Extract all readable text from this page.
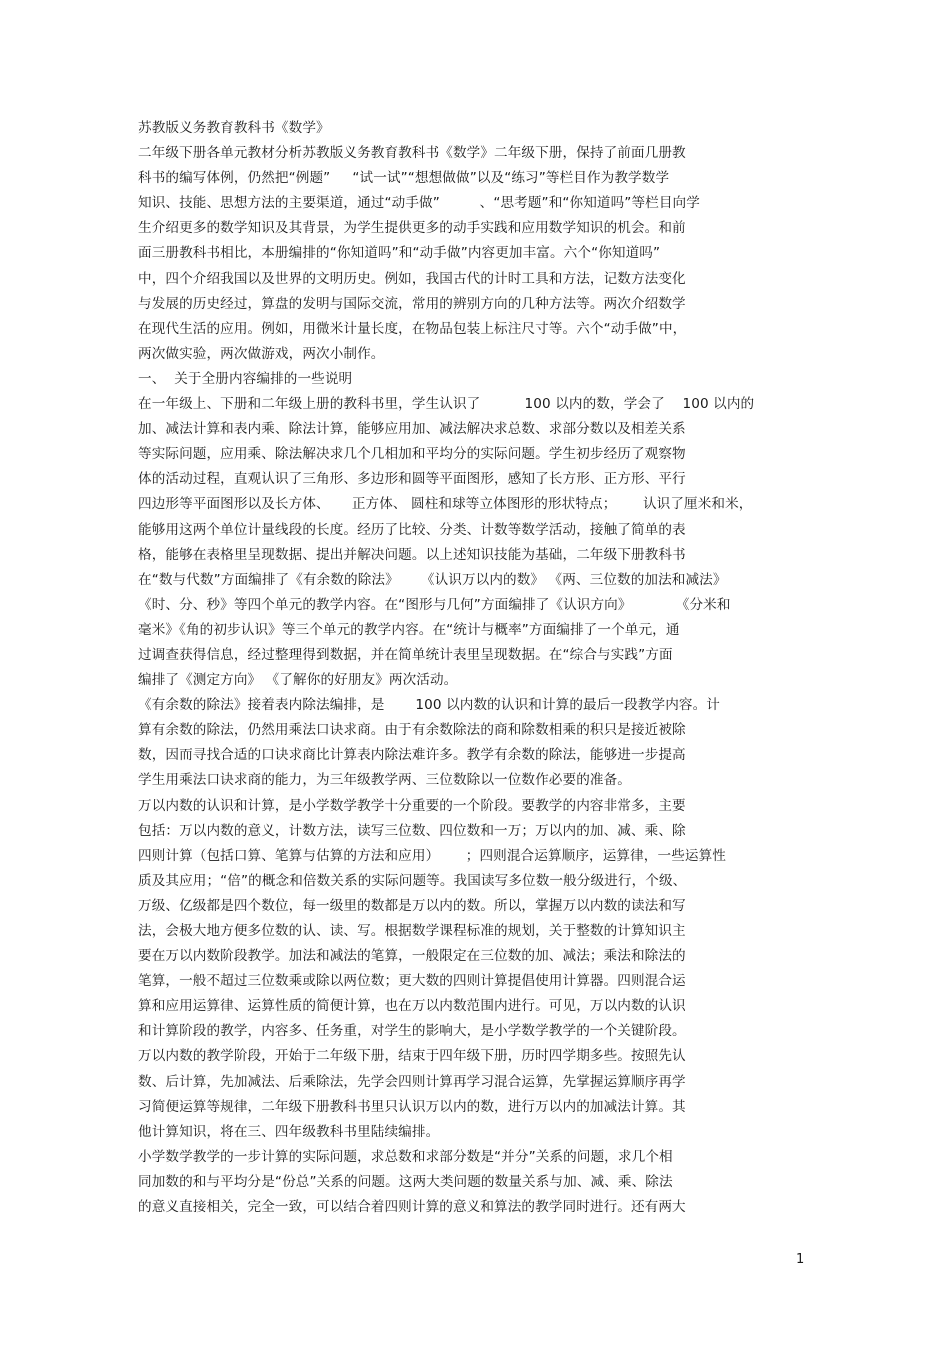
苏教版义务教育教科书《数学》
二年级下册各单元教材分析苏教版义务教育教科书《数学》二年级下册，保持了前面几册教
科书的编写体例，仍然把“例题”     “试一试”“想想做做”以及“练习”等栏目作为教学数学
知识、技能、思想方法的主要渠道，通过“动手做”         、“思考题”和“你知道吗”等栏目向学
生介绍更多的数学知识及其背景，为学生提供更多的动手实践和应用数学知识的机会。和前
面三册教科书相比，本册编排的“你知道吗”和“动手做”内容更加丰富。六个“你知道吗”
中，四个介绍我国以及世界的文明历史。例如，我国古代的计时工具和方法，记数方法变化
与发展的历史经过，算盘的发明与国际交流，常用的辨别方向的几种方法等。两次介绍数学
在现代生活的应用。例如，用微米计量长度，在物品包装上标注尺寸等。六个“动手做”中，
两次做实验，两次做游戏，两次小制作。
一、  关于全册内容编排的一些说明
在一年级上、下册和二年级上册的教科书里，学生认识了          100 以内的数，学会了    100 以内的
加、减法计算和表内乘、除法计算，能够应用加、减法解决求总数、求部分数以及相差关系
等实际问题，应用乘、除法解决求几个几相加和平均分的实际问题。学生初步经历了观察物
体的活动过程，直观认识了三角形、多边形和圆等平面图形，感知了长方形、正方形、平行
四边形等平面图形以及长方体、     正方体、 圆柱和球等立体图形的形状特点；      认识了厘米和米，
能够用这两个单位计量线段的长度。经历了比较、分类、计数等数学活动，接触了简单的表
格，能够在表格里呈现数据、提出并解决问题。以上述知识技能为基础，二年级下册教科书
在“数与代数”方面编排了《有余数的除法》     《认识万以内的数》 《两、三位数的加法和减法》
《时、分、秒》等四个单元的教学内容。在“图形与几何”方面编排了《认识方向》          《分米和
毫米》《角的初步认识》等三个单元的教学内容。在“统计与概率”方面编排了一个单元，通
过调查获得信息，经过整理得到数据，并在简单统计表里呈现数据。在“综合与实践”方面
编排了《测定方向》 《了解你的好朋友》两次活动。
《有余数的除法》接着表内除法编排，是       100 以内数的认识和计算的最后一段教学内容。计
算有余数的除法，仍然用乘法口诀求商。由于有余数除法的商和除数相乘的积只是接近被除
数，因而寻找合适的口诀求商比计算表内除法难许多。教学有余数的除法，能够进一步提高
学生用乘法口诀求商的能力，为三年级教学两、三位数除以一位数作必要的准备。
万以内数的认识和计算，是小学数学教学十分重要的一个阶段。要教学的内容非常多，主要
包括：万以内数的意义，计数方法，读写三位数、四位数和一万；万以内的加、减、乘、除
四则计算（包括口算、笔算与估算的方法和应用）      ；四则混合运算顺序，运算律，一些运算性
质及其应用；“倍”的概念和倍数关系的实际问题等。我国读写多位数一般分级进行，个级、
万级、亿级都是四个数位，每一级里的数都是万以内的数。所以，掌握万以内数的读法和写
法，会极大地方便多位数的认、读、写。根据数学课程标准的规划，关于整数的计算知识主
要在万以内数阶段教学。加法和减法的笔算，一般限定在三位数的加、减法；乘法和除法的
笔算，一般不超过三位数乘或除以两位数；更大数的四则计算提倡使用计算器。四则混合运
算和应用运算律、运算性质的简便计算，也在万以内数范围内进行。可见，万以内数的认识
和计算阶段的教学，内容多、任务重，对学生的影响大，是小学数学教学的一个关键阶段。
万以内数的教学阶段，开始于二年级下册，结束于四年级下册，历时四学期多些。按照先认
数、后计算，先加减法、后乘除法，先学会四则计算再学习混合运算，先掌握运算顺序再学
习简便运算等规律，二年级下册教科书里只认识万以内的数，进行万以内的加减法计算。其
他计算知识，将在三、四年级教科书里陆续编排。
小学数学教学的一步计算的实际问题，求总数和求部分数是“并分”关系的问题，求几个相
同加数的和与平均分是“份总”关系的问题。这两大类问题的数量关系与加、减、乘、除法
的意义直接相关，完全一致，可以结合着四则计算的意义和算法的教学同时进行。还有两大
1
